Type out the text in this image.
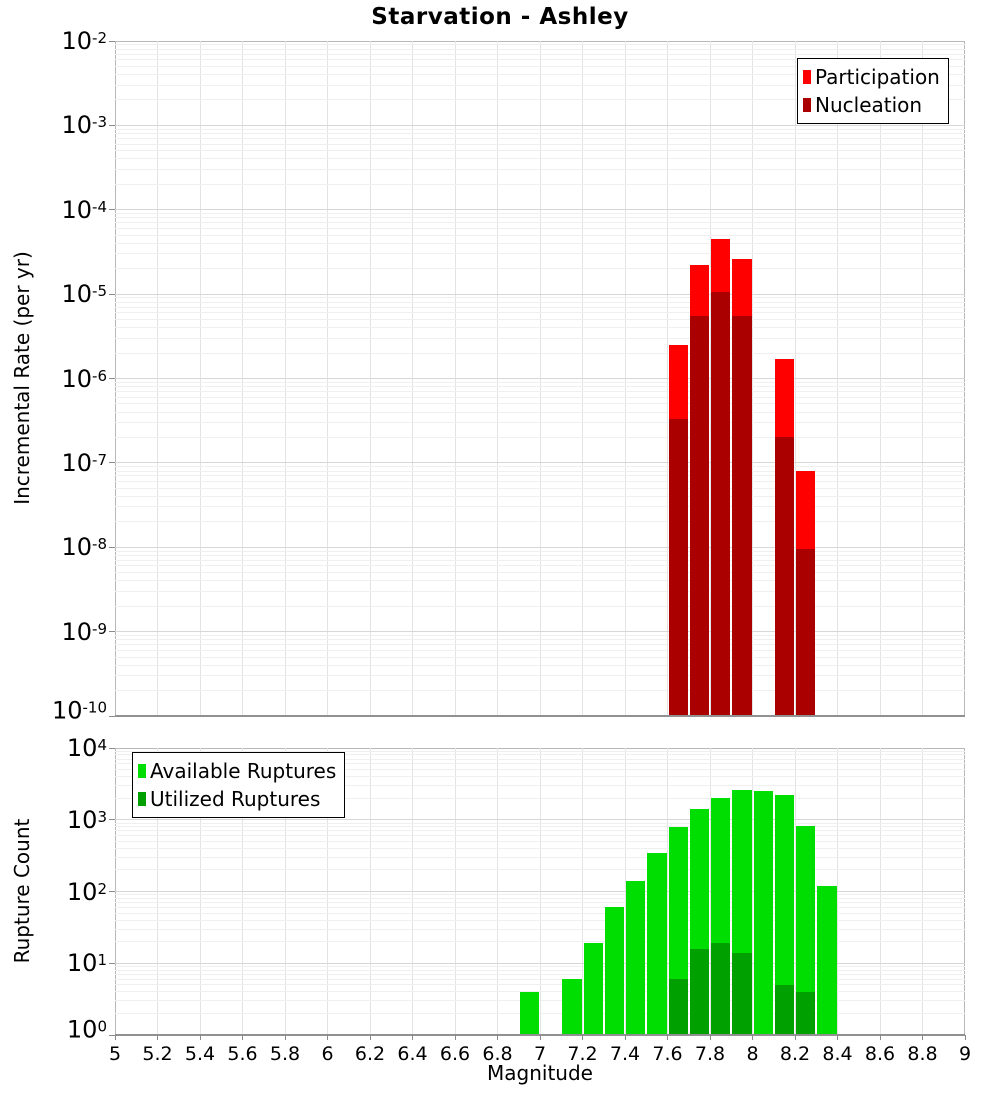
Starvation - Ashley
Incremental Rate (per yr)
Rupture Count
Magnitude
Participation
Nucleation
Available Ruptures
Utilized Ruptures
$10^{-2}$
$10^{-3}$
$10^{-4}$
$10^{-5}$
$10^{-6}$
$10^{-7}$
$10^{-8}$
$10^{-9}$
$10^{-10}$
$10^4$
$10^3$
$10^2$
$10^1$
$10^0$
5 5.2 5.4 5.6 5.8 6 6.2 6.4 6.6 6.8 7 7.2 7.4 7.6 7.8 8 8.2 8.4 8.6 8.8 9
